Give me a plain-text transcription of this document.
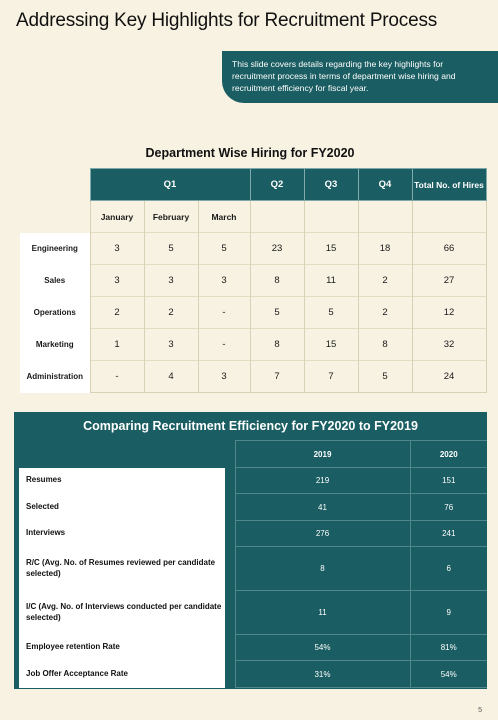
Addressing Key Highlights for Recruitment Process
This slide covers details regarding the key highlights for recruitment process in terms of department wise hiring and recruitment efficiency for fiscal year.
Department Wise Hiring for FY2020
	Q1			Q2	Q3	Q4	Total No. of Hires
	January	February	March				
Engineering	3	5	5	23	15	18	66
Sales	3	3	3	8	11	2	27
Operations	2	2	-	5	5	2	12
Marketing	1	3	-	8	15	8	32
Administration	-	4	3	7	7	5	24
Comparing Recruitment Efficiency for FY2020 to FY2019
		2019	2020
Resumes		219	151
Selected		41	76
Interviews		276	241
R/C (Avg. No. of Resumes reviewed per candidate selected)		8	6
I/C (Avg. No. of Interviews conducted per candidate selected)		11	9
Employee retention Rate		54%	81%
Job Offer Acceptance Rate		31%	54%
5
